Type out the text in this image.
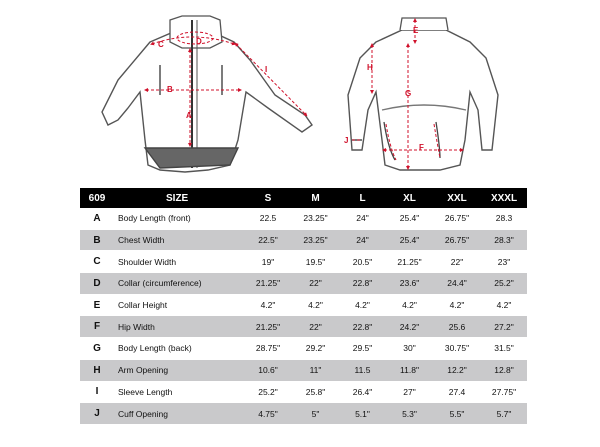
A
B
C	D
I
E
F
G
H
J
609	SIZE	S	M	L	XL	XXL	XXXL
A	Body Length (front)	22.5	23.25"	24"	25.4"	26.75"	28.3
B	Chest Width	22.5"	23.25"	24"	25.4"	26.75"	28.3"
C	Shoulder Width	19"	19.5"	20.5"	21.25"	22"	23"
D	Collar (circumference)	21.25"	22"	22.8"	23.6"	24.4"	25.2"
E	Collar Height	4.2"	4.2"	4.2"	4.2"	4.2"	4.2"
F	Hip Width	21.25"	22"	22.8"	24.2"	25.6	27.2"
G	Body Length (back)	28.75"	29.2"	29.5"	30"	30.75"	31.5"
H	Arm Opening	10.6"	11"	11.5	11.8"	12.2"	12.8"
I	Sleeve Length	25.2"	25.8"	26.4"	27"	27.4	27.75"
J	Cuff Opening	4.75"	5"	5.1"	5.3"	5.5"	5.7"
